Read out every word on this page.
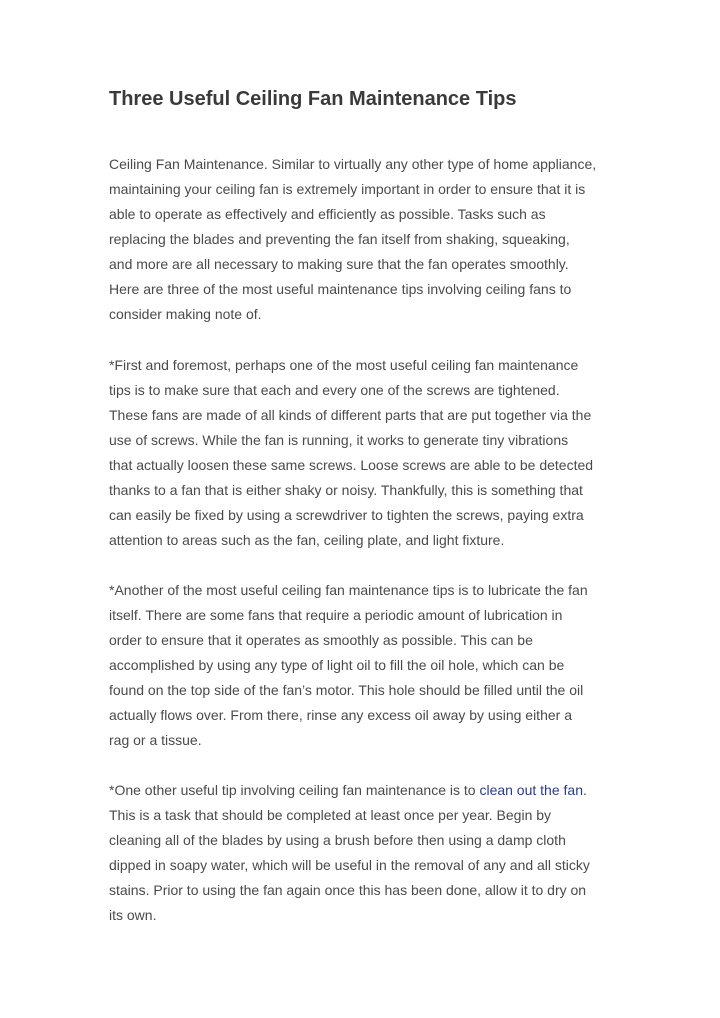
Three Useful Ceiling Fan Maintenance Tips
Ceiling Fan Maintenance. Similar to virtually any other type of home appliance,
maintaining your ceiling fan is extremely important in order to ensure that it is
able to operate as effectively and efficiently as possible. Tasks such as
replacing the blades and preventing the fan itself from shaking, squeaking,
and more are all necessary to making sure that the fan operates smoothly.
Here are three of the most useful maintenance tips involving ceiling fans to
consider making note of.
*First and foremost, perhaps one of the most useful ceiling fan maintenance
tips is to make sure that each and every one of the screws are tightened.
These fans are made of all kinds of different parts that are put together via the
use of screws. While the fan is running, it works to generate tiny vibrations
that actually loosen these same screws. Loose screws are able to be detected
thanks to a fan that is either shaky or noisy. Thankfully, this is something that
can easily be fixed by using a screwdriver to tighten the screws, paying extra
attention to areas such as the fan, ceiling plate, and light fixture.
*Another of the most useful ceiling fan maintenance tips is to lubricate the fan
itself. There are some fans that require a periodic amount of lubrication in
order to ensure that it operates as smoothly as possible. This can be
accomplished by using any type of light oil to fill the oil hole, which can be
found on the top side of the fan’s motor. This hole should be filled until the oil
actually flows over. From there, rinse any excess oil away by using either a
rag or a tissue.
*One other useful tip involving ceiling fan maintenance is to clean out the fan.
This is a task that should be completed at least once per year. Begin by
cleaning all of the blades by using a brush before then using a damp cloth
dipped in soapy water, which will be useful in the removal of any and all sticky
stains. Prior to using the fan again once this has been done, allow it to dry on
its own.
